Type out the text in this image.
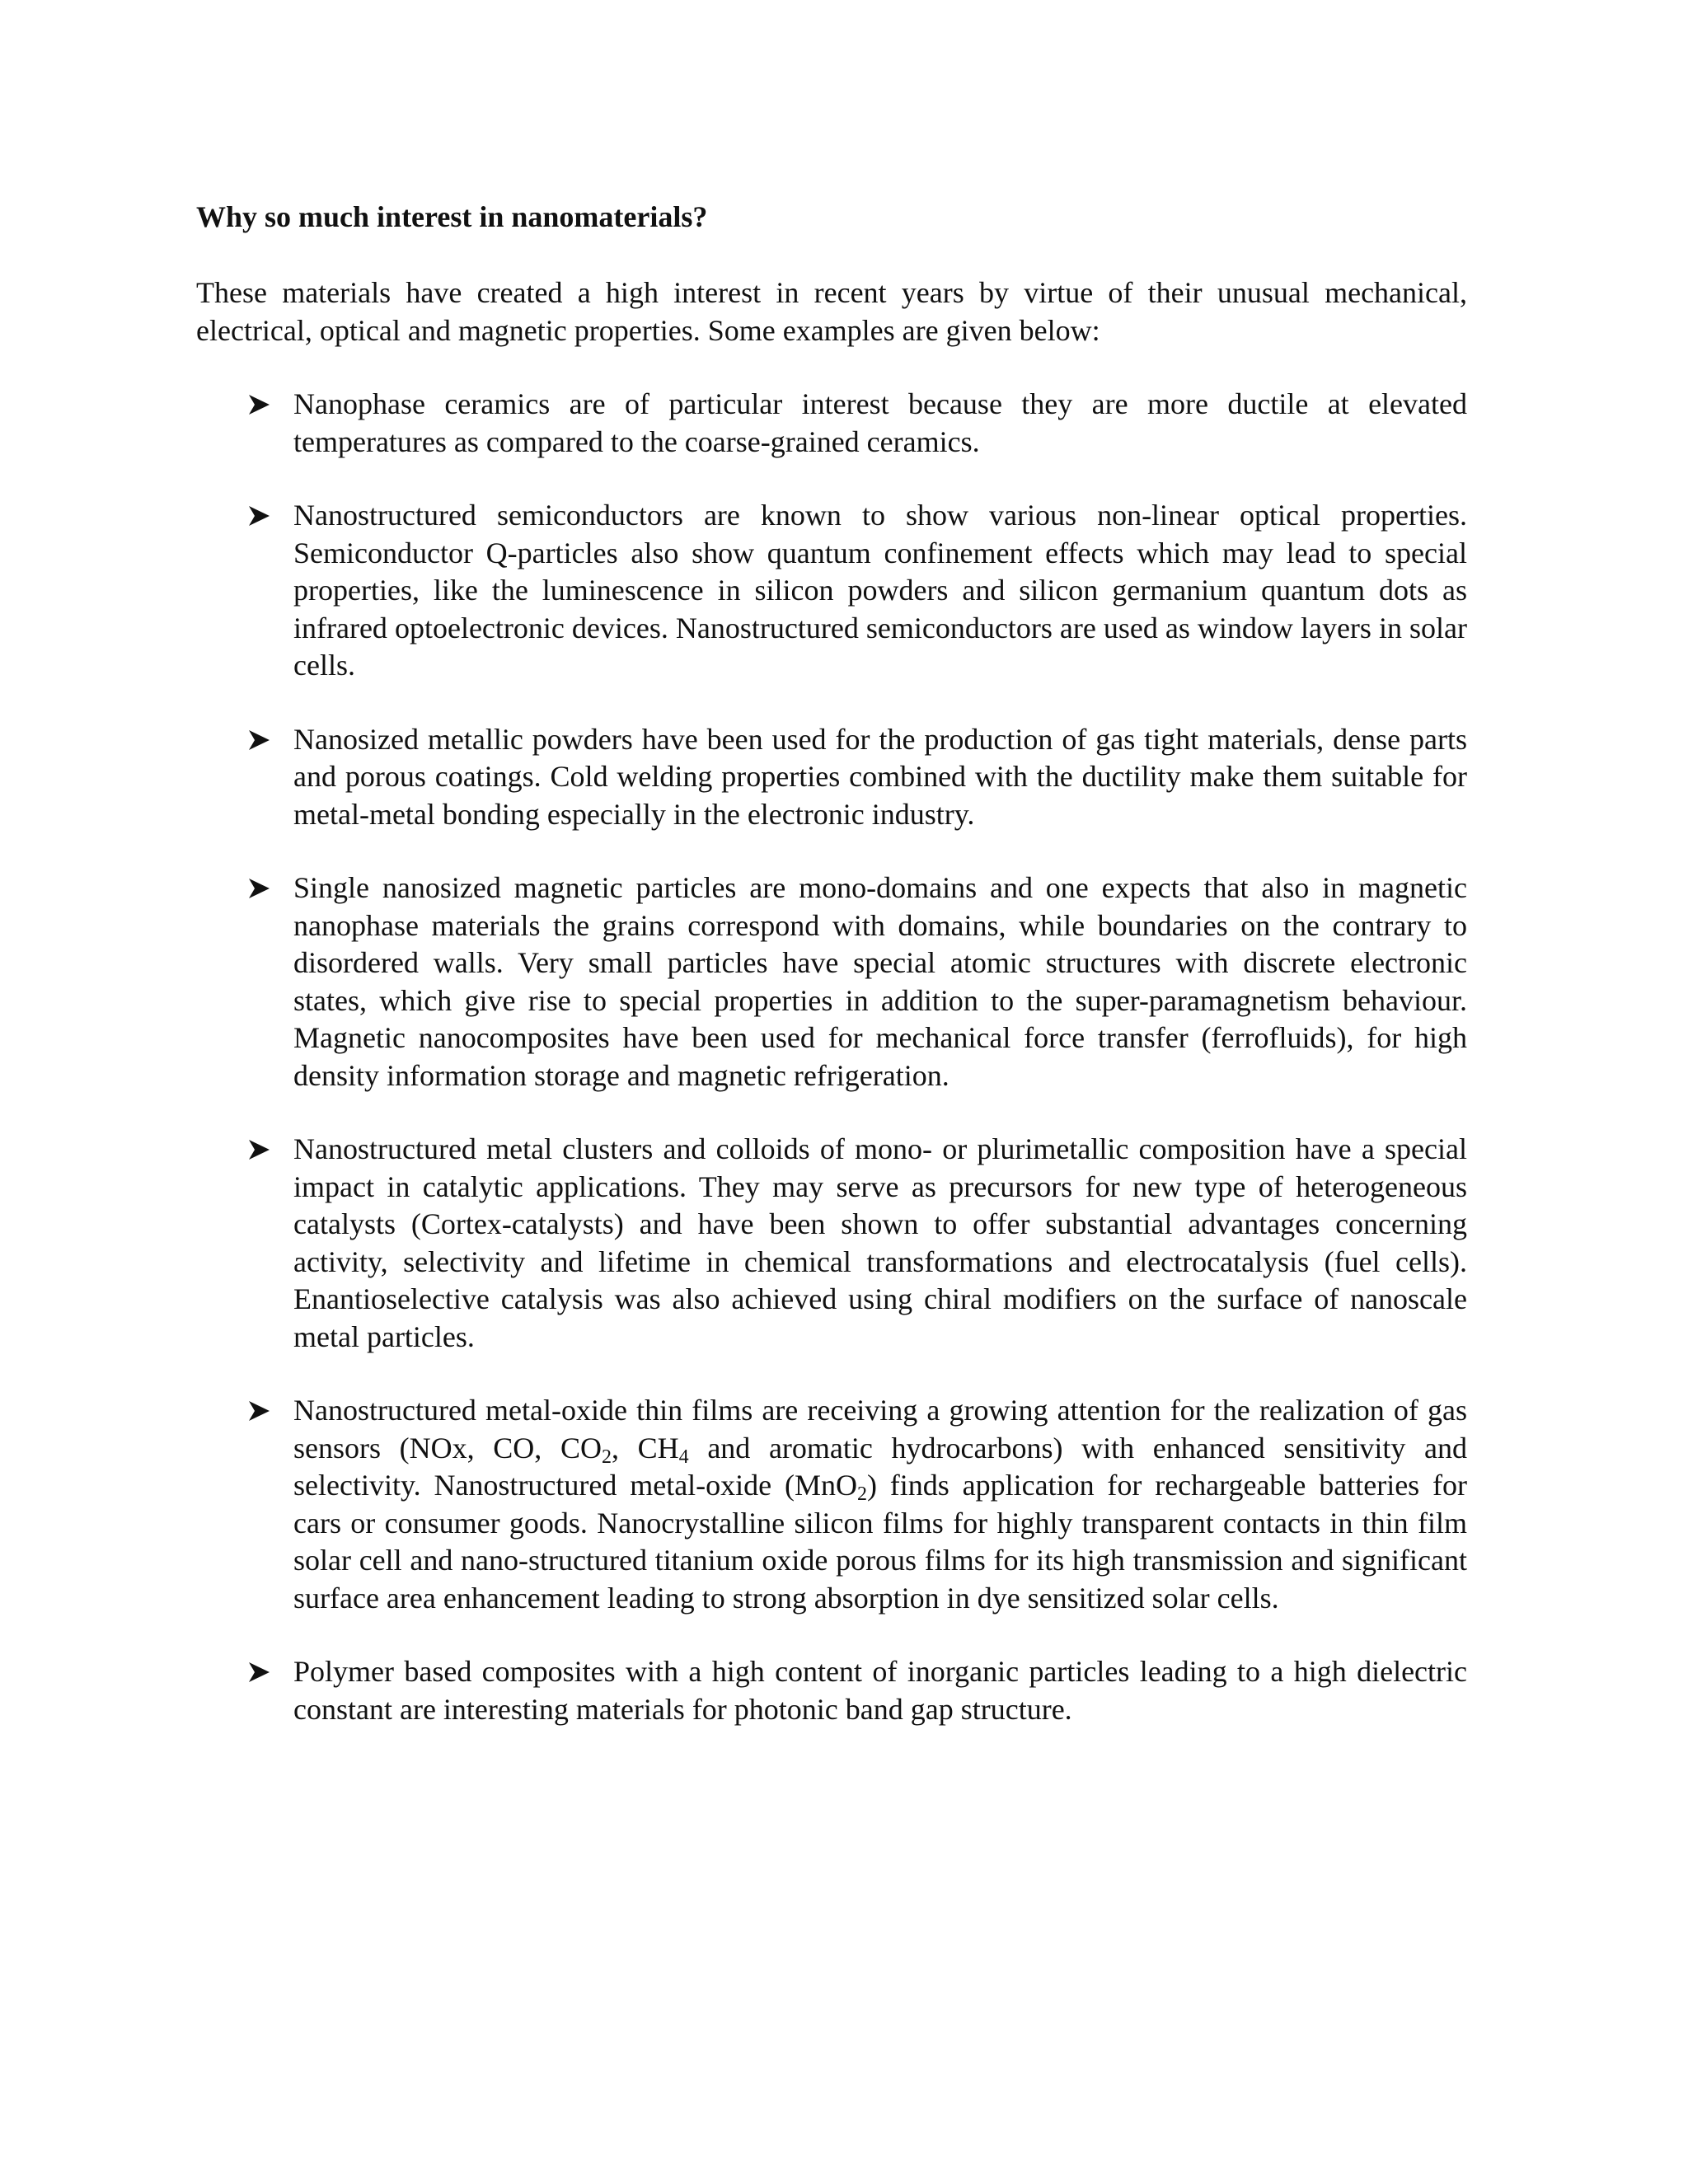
Why so much interest in nanomaterials?

These materials have created a high interest in recent years by virtue of their unusual mechanical, electrical, optical and magnetic properties. Some examples are given below:

Nanophase ceramics are of particular interest because they are more ductile at elevated temperatures as compared to the coarse-grained ceramics.
Nanostructured semiconductors are known to show various non-linear optical properties. Semiconductor Q-particles also show quantum confinement effects which may lead to special properties, like the luminescence in silicon powders and silicon germanium quantum dots as infrared optoelectronic devices. Nanostructured semiconductors are used as window layers in solar cells.
Nanosized metallic powders have been used for the production of gas tight materials, dense parts and porous coatings. Cold welding properties combined with the ductility make them suitable for metal-metal bonding especially in the electronic industry.
Single nanosized magnetic particles are mono-domains and one expects that also in magnetic nanophase materials the grains correspond with domains, while boundaries on the contrary to disordered walls. Very small particles have special atomic structures with discrete electronic states, which give rise to special properties in addition to the super-paramagnetism behaviour. Magnetic nanocomposites have been used for mechanical force transfer (ferrofluids), for high density information storage and magnetic refrigeration.
Nanostructured metal clusters and colloids of mono- or plurimetallic composition have a special impact in catalytic applications. They may serve as precursors for new type of heterogeneous catalysts (Cortex-catalysts) and have been shown to offer substantial advantages concerning activity, selectivity and lifetime in chemical transformations and electrocatalysis (fuel cells). Enantioselective catalysis was also achieved using chiral modifiers on the surface of nanoscale metal particles.
Nanostructured metal-oxide thin films are receiving a growing attention for the realization of gas sensors (NOx, CO, $CO_2$, $CH_4$ and aromatic hydrocarbons) with enhanced sensitivity and selectivity. Nanostructured metal-oxide (MnO$_2$) finds application for rechargeable batteries for cars or consumer goods. Nanocrystalline silicon films for highly transparent contacts in thin film solar cell and nano-structured titanium oxide porous films for its high transmission and significant surface area enhancement leading to strong absorption in dye sensitized solar cells.
Polymer based composites with a high content of inorganic particles leading to a high dielectric constant are interesting materials for photonic band gap structure.
